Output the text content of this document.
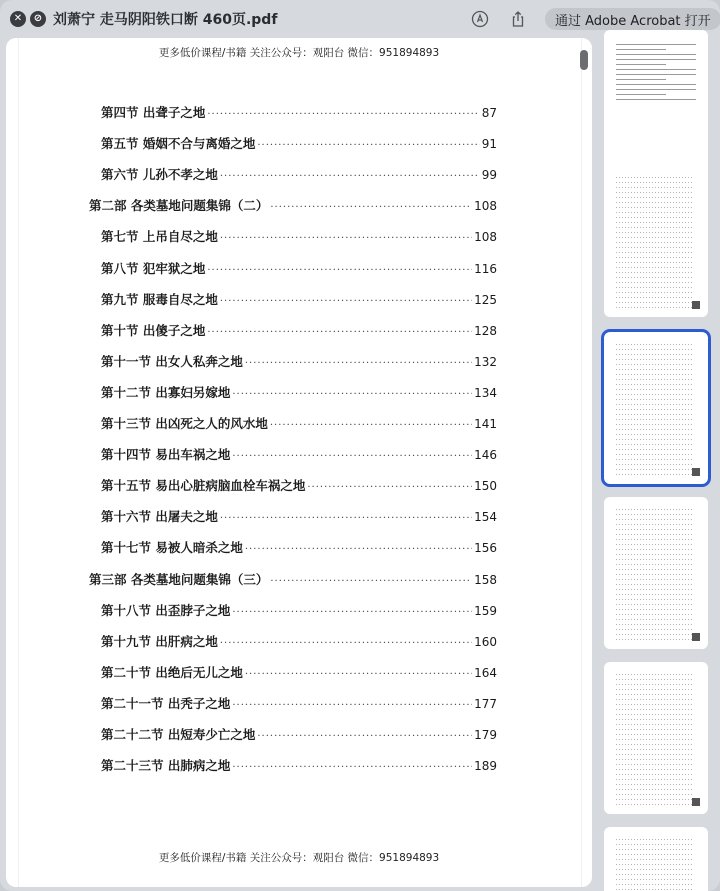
✕	⊘ 刘萧宁 走马阴阳铁口断 460页.pdf	通过 Adobe Acrobat 打开
更多低价课程/书籍 关注公众号：观阳台 微信：951894893
第四节 出聋子之地 ·····	87
第五节 婚姻不合与离婚之地 ·····	91
第六节 儿孙不孝之地 ·····	99
第二部 各类墓地问题集锦（二） ·····	108
第七节 上吊自尽之地 ·····	108
第八节 犯牢狱之地 ·····	116
第九节 服毒自尽之地 ·····	125
第十节 出傻子之地 ·····	128
第十一节 出女人私奔之地 ·····	132
第十二节 出寡妇另嫁地 ·····	134
第十三节 出凶死之人的风水地 ·····	141
第十四节 易出车祸之地 ·····	146
第十五节 易出心脏病脑血栓车祸之地 ·····	150
第十六节 出屠夫之地 ·····	154
第十七节 易被人暗杀之地 ·····	156
第三部 各类墓地问题集锦（三） ·····	158
第十八节 出歪脖子之地 ·····	159
第十九节 出肝病之地 ·····	160
第二十节 出绝后无儿之地 ·····	164
第二十一节 出秃子之地 ·····	177
第二十二节 出短寿少亡之地 ·····	179
第二十三节 出肺病之地 ·····	189
更多低价课程/书籍 关注公众号：观阳台 微信：951894893
